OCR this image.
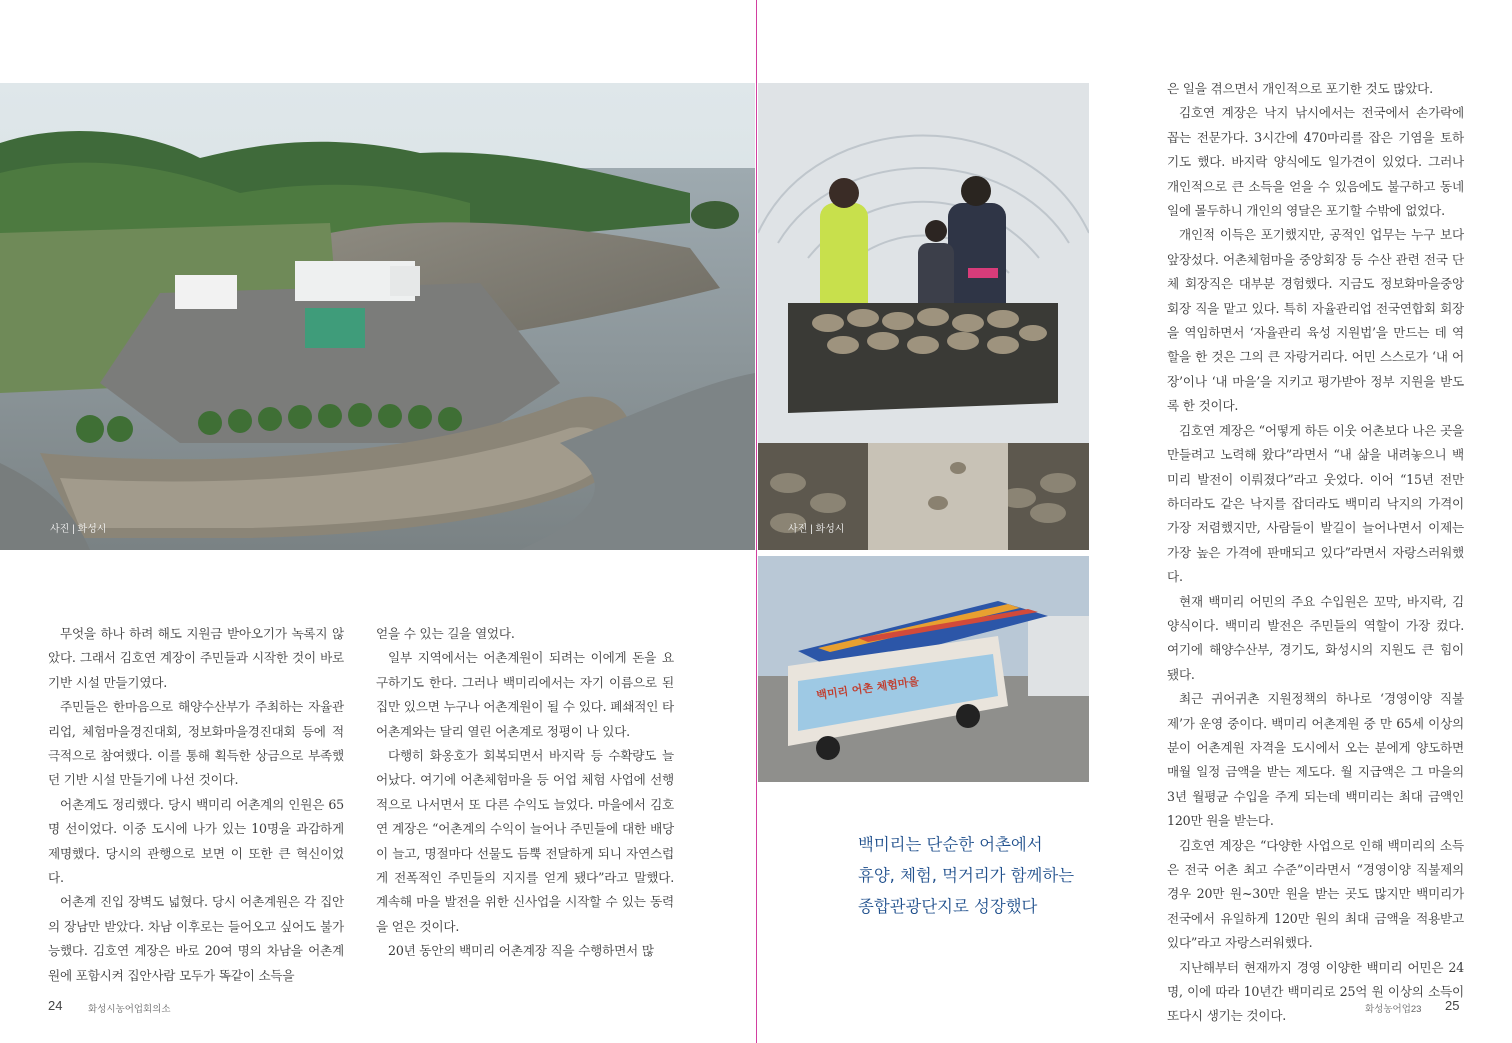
사진 | 화성시	사진 | 화성시
백미리 어촌 체험마을
백미리는 단순한 어촌에서
휴양, 체험, 먹거리가 함께하는
종합관광단지로 성장했다

무엇을 하나 하려 해도 지원금 받아오기가 녹록지 않았다. 그래서 김호연 계장이 주민들과 시작한 것이 바로 기반 시설 만들기였다.

주민들은 한마음으로 해양수산부가 주최하는 자율관리업, 체험마을경진대회, 정보화마을경진대회 등에 적극적으로 참여했다. 이를 통해 획득한 상금으로 부족했던 기반 시설 만들기에 나선 것이다.

어촌계도 정리했다. 당시 백미리 어촌계의 인원은 65명 선이었다. 이중 도시에 나가 있는 10명을 과감하게 제명했다. 당시의 관행으로 보면 이 또한 큰 혁신이었다.

어촌계 진입 장벽도 넓혔다. 당시 어촌계원은 각 집안의 장남만 받았다. 차남 이후로는 들어오고 싶어도 불가능했다. 김호연 계장은 바로 20여 명의 차남을 어촌계원에 포함시켜 집안사람 모두가 똑같이 소득을

얻을 수 있는 길을 열었다.

일부 지역에서는 어촌계원이 되려는 이에게 돈을 요구하기도 한다. 그러나 백미리에서는 자기 이름으로 된 집만 있으면 누구나 어촌계원이 될 수 있다. 폐쇄적인 타 어촌계와는 달리 열린 어촌계로 정평이 나 있다.

다행히 화옹호가 회복되면서 바지락 등 수확량도 늘어났다. 여기에 어촌체험마을 등 어업 체험 사업에 선행적으로 나서면서 또 다른 수익도 늘었다. 마을에서 김호연 계장은 “어촌계의 수익이 늘어나 주민들에 대한 배당이 늘고, 명절마다 선물도 듬뿍 전달하게 되니 자연스럽게 전폭적인 주민들의 지지를 얻게 됐다”라고 말했다. 계속해 마을 발전을 위한 신사업을 시작할 수 있는 동력을 얻은 것이다.

20년 동안의 백미리 어촌계장 직을 수행하면서 많

은 일을 겪으면서 개인적으로 포기한 것도 많았다.

김호연 계장은 낙지 낚시에서는 전국에서 손가락에 꼽는 전문가다. 3시간에 470마리를 잡은 기염을 토하기도 했다. 바지락 양식에도 일가견이 있었다. 그러나 개인적으로 큰 소득을 얻을 수 있음에도 불구하고 동네 일에 몰두하니 개인의 영달은 포기할 수밖에 없었다.

개인적 이득은 포기했지만, 공적인 업무는 누구 보다 앞장섰다. 어촌체험마을 중앙회장 등 수산 관련 전국 단체 회장직은 대부분 경험했다. 지금도 정보화마을중앙회장 직을 맡고 있다. 특히 자율관리업 전국연합회 회장을 역임하면서 ‘자율관리 육성 지원법’을 만드는 데 역할을 한 것은 그의 큰 자랑거리다. 어민 스스로가 ‘내 어장’이나 ‘내 마을’을 지키고 평가받아 정부 지원을 받도록 한 것이다.

김호연 계장은 “어떻게 하든 이웃 어촌보다 나은 곳을 만들려고 노력해 왔다”라면서 “내 삶을 내려놓으니 백미리 발전이 이뤄졌다”라고 웃었다. 이어 “15년 전만 하더라도 같은 낙지를 잡더라도 백미리 낙지의 가격이 가장 저렴했지만, 사람들이 발길이 늘어나면서 이제는 가장 높은 가격에 판매되고 있다”라면서 자랑스러워했다.

현재 백미리 어민의 주요 수입원은 꼬막, 바지락, 김 양식이다. 백미리 발전은 주민들의 역할이 가장 컸다. 여기에 해양수산부, 경기도, 화성시의 지원도 큰 힘이 됐다.

최근 귀어귀촌 지원정책의 하나로 ‘경영이양 직불제’가 운영 중이다. 백미리 어촌계원 중 만 65세 이상의 분이 어촌계원 자격을 도시에서 오는 분에게 양도하면 매월 일정 금액을 받는 제도다. 월 지급액은 그 마을의 3년 월평균 수입을 주게 되는데 백미리는 최대 금액인 120만 원을 받는다.

김호연 계장은 “다양한 사업으로 인해 백미리의 소득은 전국 어촌 최고 수준”이라면서 “경영이양 직불제의 경우 20만 원~30만 원을 받는 곳도 많지만 백미리가 전국에서 유일하게 120만 원의 최대 금액을 적용받고 있다”라고 자랑스러워했다.

지난해부터 현재까지 경영 이양한 백미리 어민은 24명, 이에 따라 10년간 백미리로 25억 원 이상의 소득이 또다시 생기는 것이다.

24	화성시농어업회의소	화성농어업23 25
